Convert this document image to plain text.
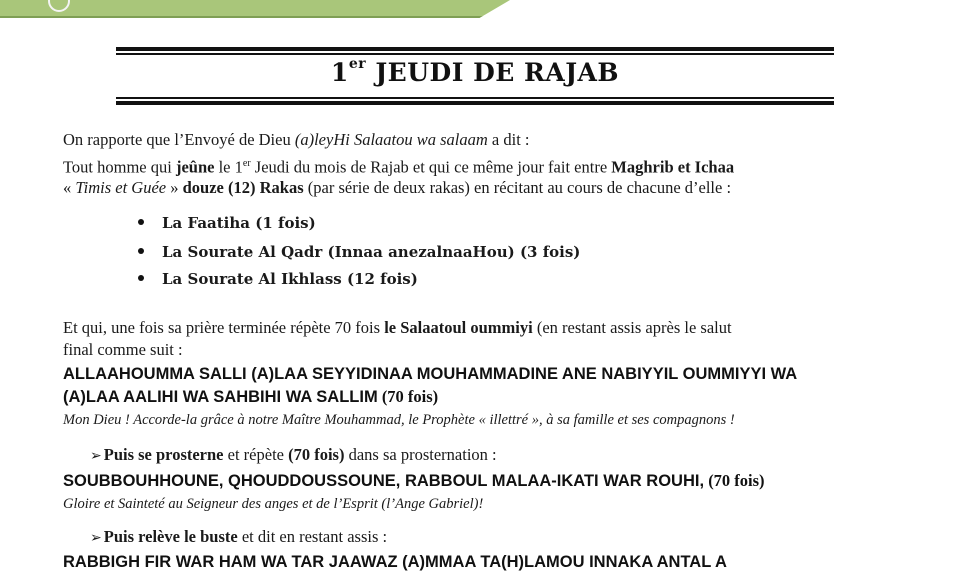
1er JEUDI DE RAJAB
On rapporte que l’Envoyé de Dieu (a)leyHi Salaatou wa salaam a dit :
Tout homme qui jeûne le 1er Jeudi du mois de Rajab et qui ce même jour fait entre Maghrib et Ichaa
« Timis et Guée » douze (12) Rakas (par série de deux rakas) en récitant au cours de chacune d’elle :
La Faatiha (1 fois)
La Sourate Al Qadr (Innaa anezalnaaHou) (3 fois)
La Sourate Al Ikhlass (12 fois)
Et qui, une fois sa prière terminée répète 70 fois le Salaatoul oummiyi (en restant assis après le salut
final comme suit :
ALLAAHOUMMA SALLI (A)LAA SEYYIDINAA MOUHAMMADINE ANE NABIYYIL OUMMIYYI WA
(A)LAA AALIHI WA SAHBIHI WA SALLIM (70 fois)
Mon Dieu ! Accorde-la grâce à notre Maître Mouhammad, le Prophète « illettré », à sa famille et ses compagnons !
➢ Puis se prosterne et répète (70 fois) dans sa prosternation :
SOUBBOUHHOUNE, QHOUDDOUSSOUNE, RABBOUL MALAA-IKATI WAR ROUHI, (70 fois)
Gloire et Sainteté au Seigneur des anges et de l’Esprit (l’Ange Gabriel)!
➢ Puis relève le buste et dit en restant assis :
RABBIGH FIR WAR HAM WA TAR JAAWAZ (A)MMAA TA(H)LAMOU INNAKA ANTAL A
